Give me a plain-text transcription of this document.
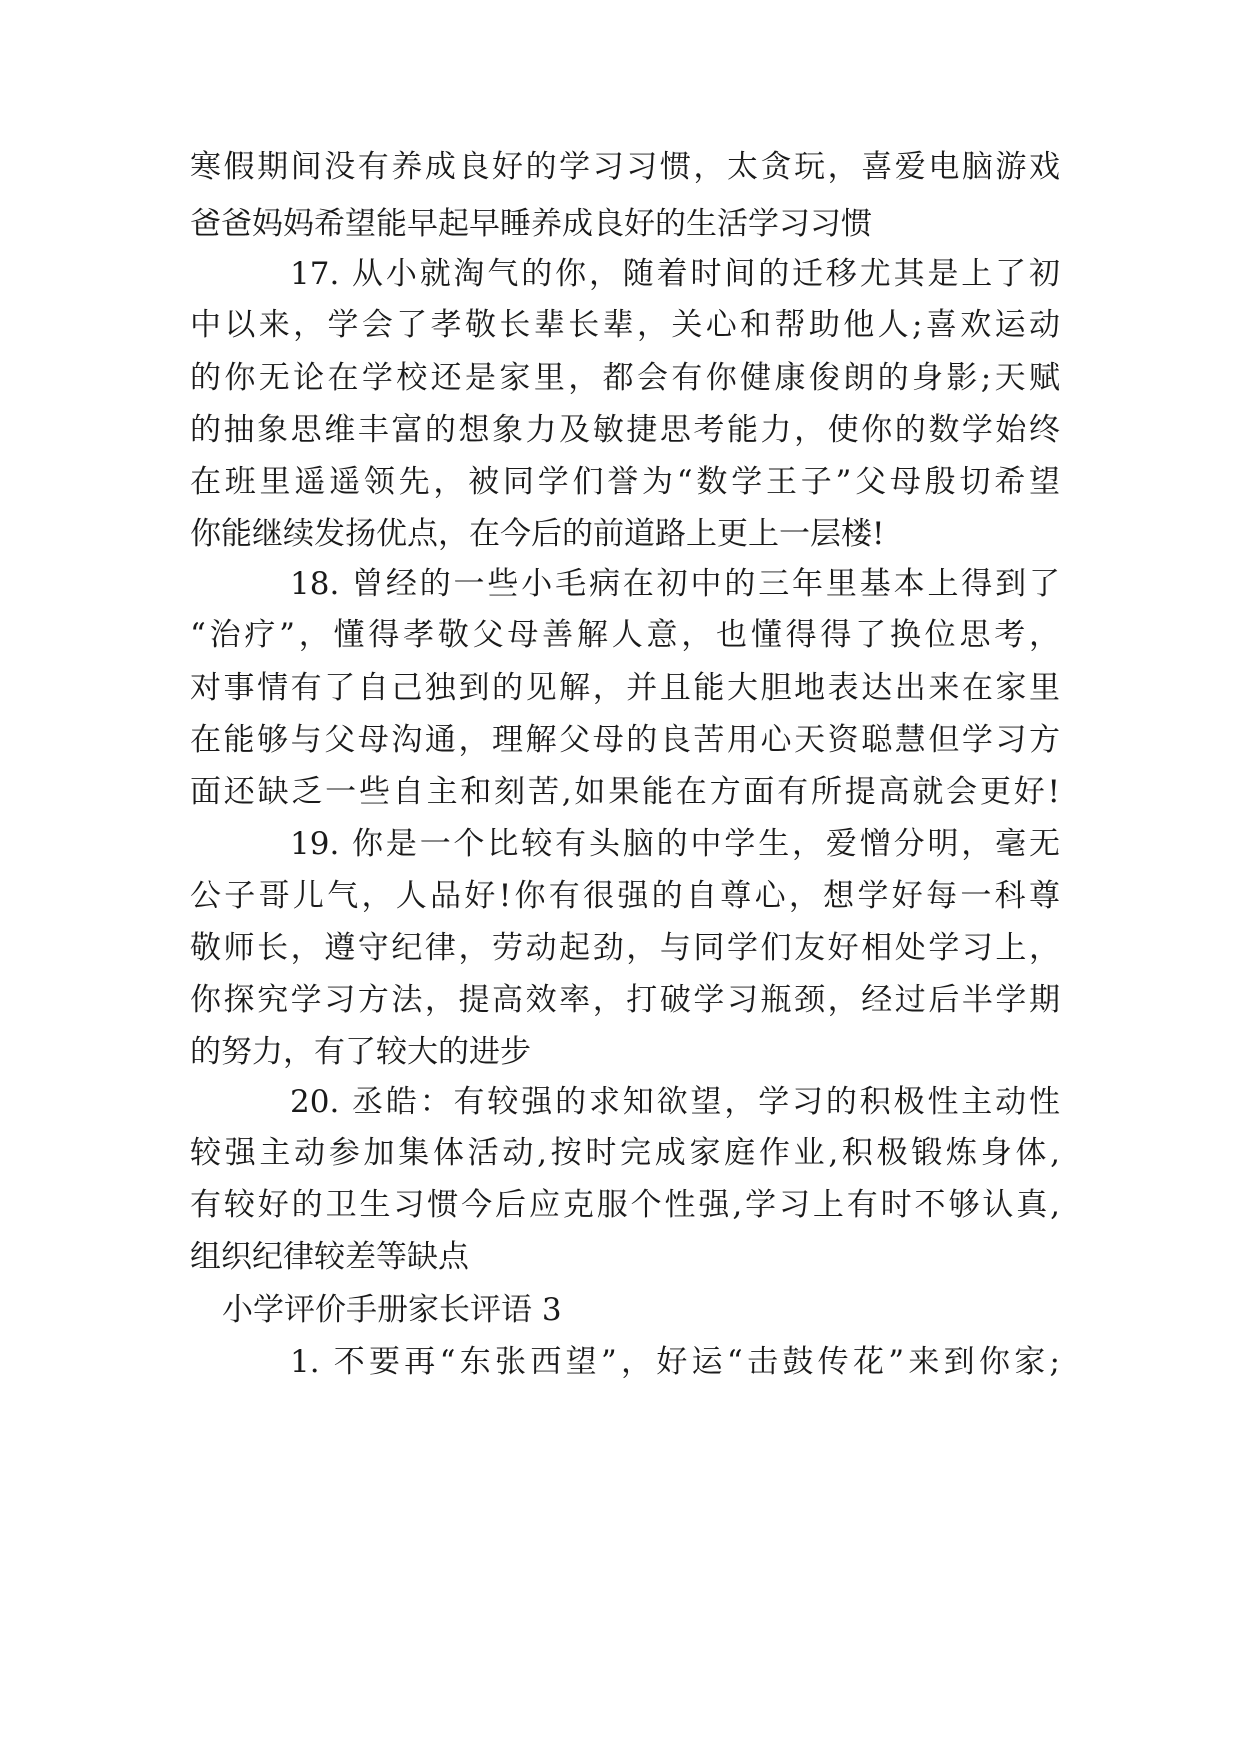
寒假期间没有养成良好的学习习惯，太贪玩，喜爱电脑游戏
爸爸妈妈希望能早起早睡养成良好的生活学习习惯
17. 从小就淘气的你，随着时间的迁移尤其是上了初
中以来，学会了孝敬长辈长辈，关心和帮助他人;喜欢运动
的你无论在学校还是家里，都会有你健康俊朗的身影;天赋
的抽象思维丰富的想象力及敏捷思考能力，使你的数学始终
在班里遥遥领先，被同学们誉为“数学王子”父母殷切希望
你能继续发扬优点，在今后的前道路上更上一层楼!
18. 曾经的一些小毛病在初中的三年里基本上得到了
“治疗”，懂得孝敬父母善解人意，也懂得得了换位思考，
对事情有了自己独到的见解，并且能大胆地表达出来在家里
在能够与父母沟通，理解父母的良苦用心天资聪慧但学习方
面还缺乏一些自主和刻苦,如果能在方面有所提高就会更好!
19. 你是一个比较有头脑的中学生，爱憎分明，毫无
公子哥儿气，人品好!你有很强的自尊心，想学好每一科尊
敬师长，遵守纪律，劳动起劲，与同学们友好相处学习上，
你探究学习方法，提高效率，打破学习瓶颈，经过后半学期
的努力，有了较大的进步
20. 丞皓：有较强的求知欲望，学习的积极性主动性
较强主动参加集体活动,按时完成家庭作业,积极锻炼身体,
有较好的卫生习惯今后应克服个性强,学习上有时不够认真,
组织纪律较差等缺点
小学评价手册家长评语 3
1. 不要再“东张西望”，好运“击鼓传花”来到你家;
